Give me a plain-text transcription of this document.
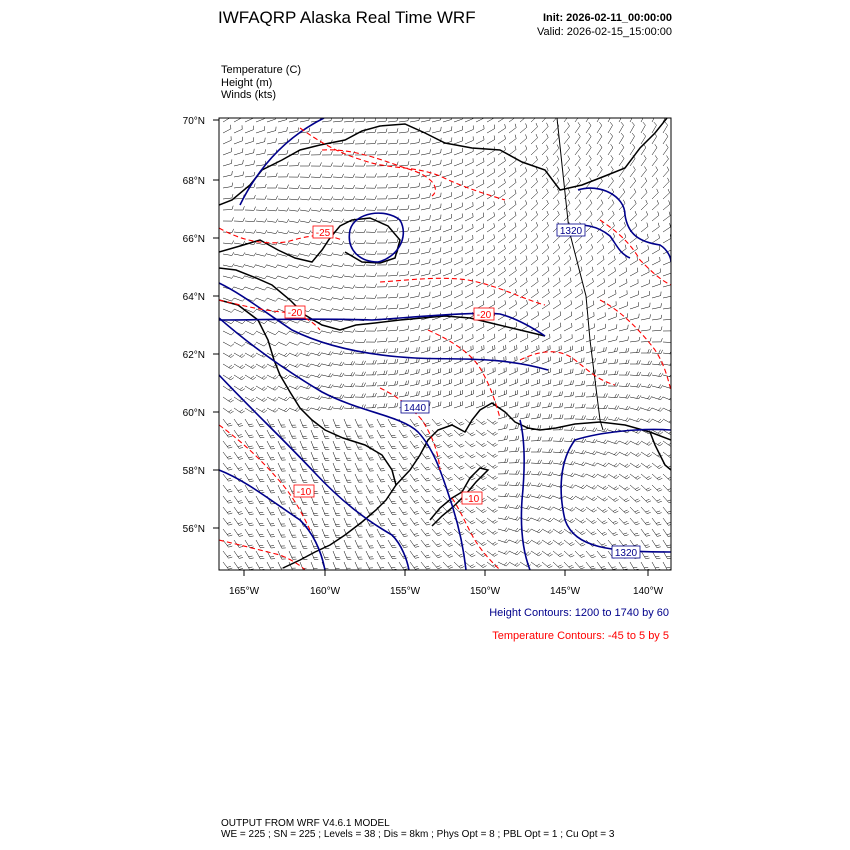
IWFAQRP Alaska Real Time WRF	Init: 2026-02-11_00:00:00
Valid: 2026-02-15_15:00:00
Temperature (C)
Height (m)
Winds (kts)
1320
1440
1320
-25
-20	-20
-10
-10
70°N
68°N
66°N
64°N
62°N
60°N
58°N
56°N
165°W	160°W	155°W	150°W	145°W	140°W
Height Contours: 1200 to 1740 by 60
Temperature Contours: -45 to 5 by 5
OUTPUT FROM WRF V4.6.1 MODEL
WE = 225 ; SN = 225 ; Levels = 38 ; Dis = 8km ; Phys Opt = 8 ; PBL Opt = 1 ; Cu Opt = 3
